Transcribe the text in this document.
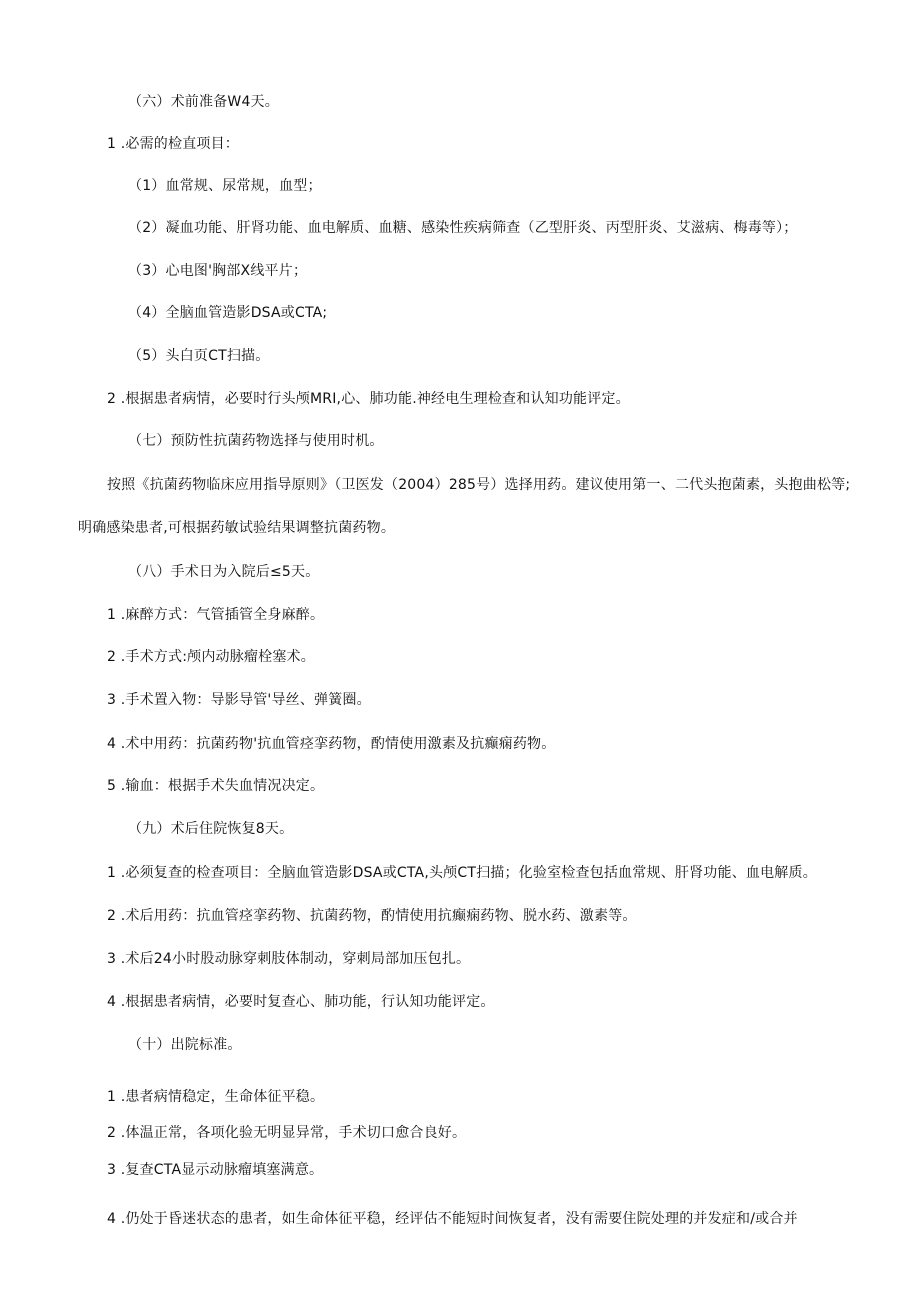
（六）术前准备W4天。
1 .必需的检直项目：
（1）血常规、尿常规，血型；
（2）凝血功能、肝肾功能、血电解质、血糖、感染性疾病筛查（乙型肝炎、丙型肝炎、艾滋病、梅毒等）；
（3）心电图'胸部X线平片；
（4）全脑血管造影DSA或CTA;
（5）头白页CT扫描。
2 .根据患者病情，必要时行头颅MRI,心、肺功能.神经电生理检查和认知功能评定。
（七）预防性抗菌药物选择与使用时机。
按照《抗菌药物临床应用指导原则》（卫医发（2004）285号）选择用药。建议使用第一、二代头抱菌素，头抱曲松等;
明确感染患者,可根据药敏试验结果调整抗菌药物。
（八）手术日为入院后≤5天。
1 .麻醉方式：气管插管全身麻醉。
2 .手术方式:颅内动脉瘤栓塞术。
3 .手术置入物：导影导管'导丝、弹簧圈。
4 .术中用药：抗菌药物'抗血管痉挛药物，酌情使用激素及抗癫痫药物。
5 .输血：根据手术失血情况决定。
（九）术后住院恢复8天。
1 .必须复查的检查项目：全脑血管造影DSA或CTA,头颅CT扫描；化验室检查包括血常规、肝肾功能、血电解质。
2 .术后用药：抗血管痉挛药物、抗菌药物，酌情使用抗癫痫药物、脱水药、激素等。
3 .术后24小时股动脉穿刺肢体制动，穿刺局部加压包扎。
4 .根据患者病情，必要时复查心、肺功能，行认知功能评定。
（十）出院标准。
1 .患者病情稳定，生命体征平稳。
2 .体温正常，各项化验无明显异常，手术切口愈合良好。
3 .复查CTA显示动脉瘤填塞满意。
4 .仍处于昏迷状态的患者，如生命体征平稳，经评估不能短时间恢复者，没有需要住院处理的并发症和/或合并
